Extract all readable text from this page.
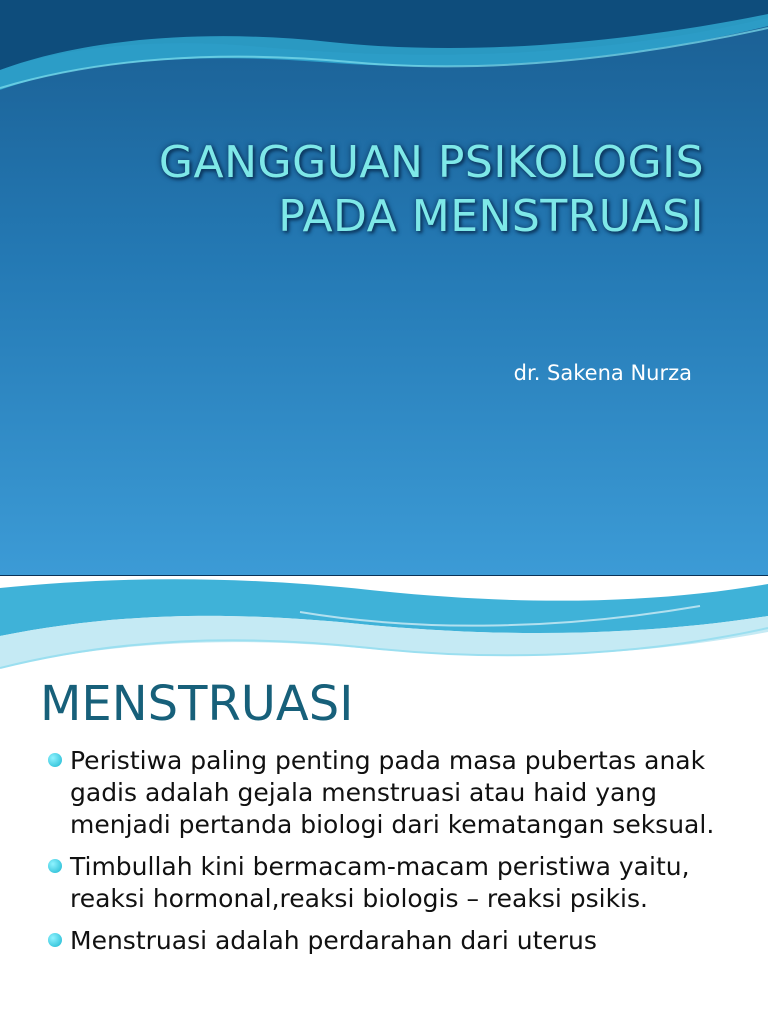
GANGGUAN PSIKOLOGIS
PADA MENSTRUASI
dr. Sakena Nurza
MENSTRUASI
Peristiwa paling penting pada masa pubertas anak gadis adalah gejala menstruasi atau haid yang menjadi pertanda biologi dari kematangan seksual.
Timbullah kini bermacam-macam peristiwa yaitu, reaksi hormonal,reaksi biologis – reaksi psikis.
Menstruasi adalah perdarahan dari uterus
